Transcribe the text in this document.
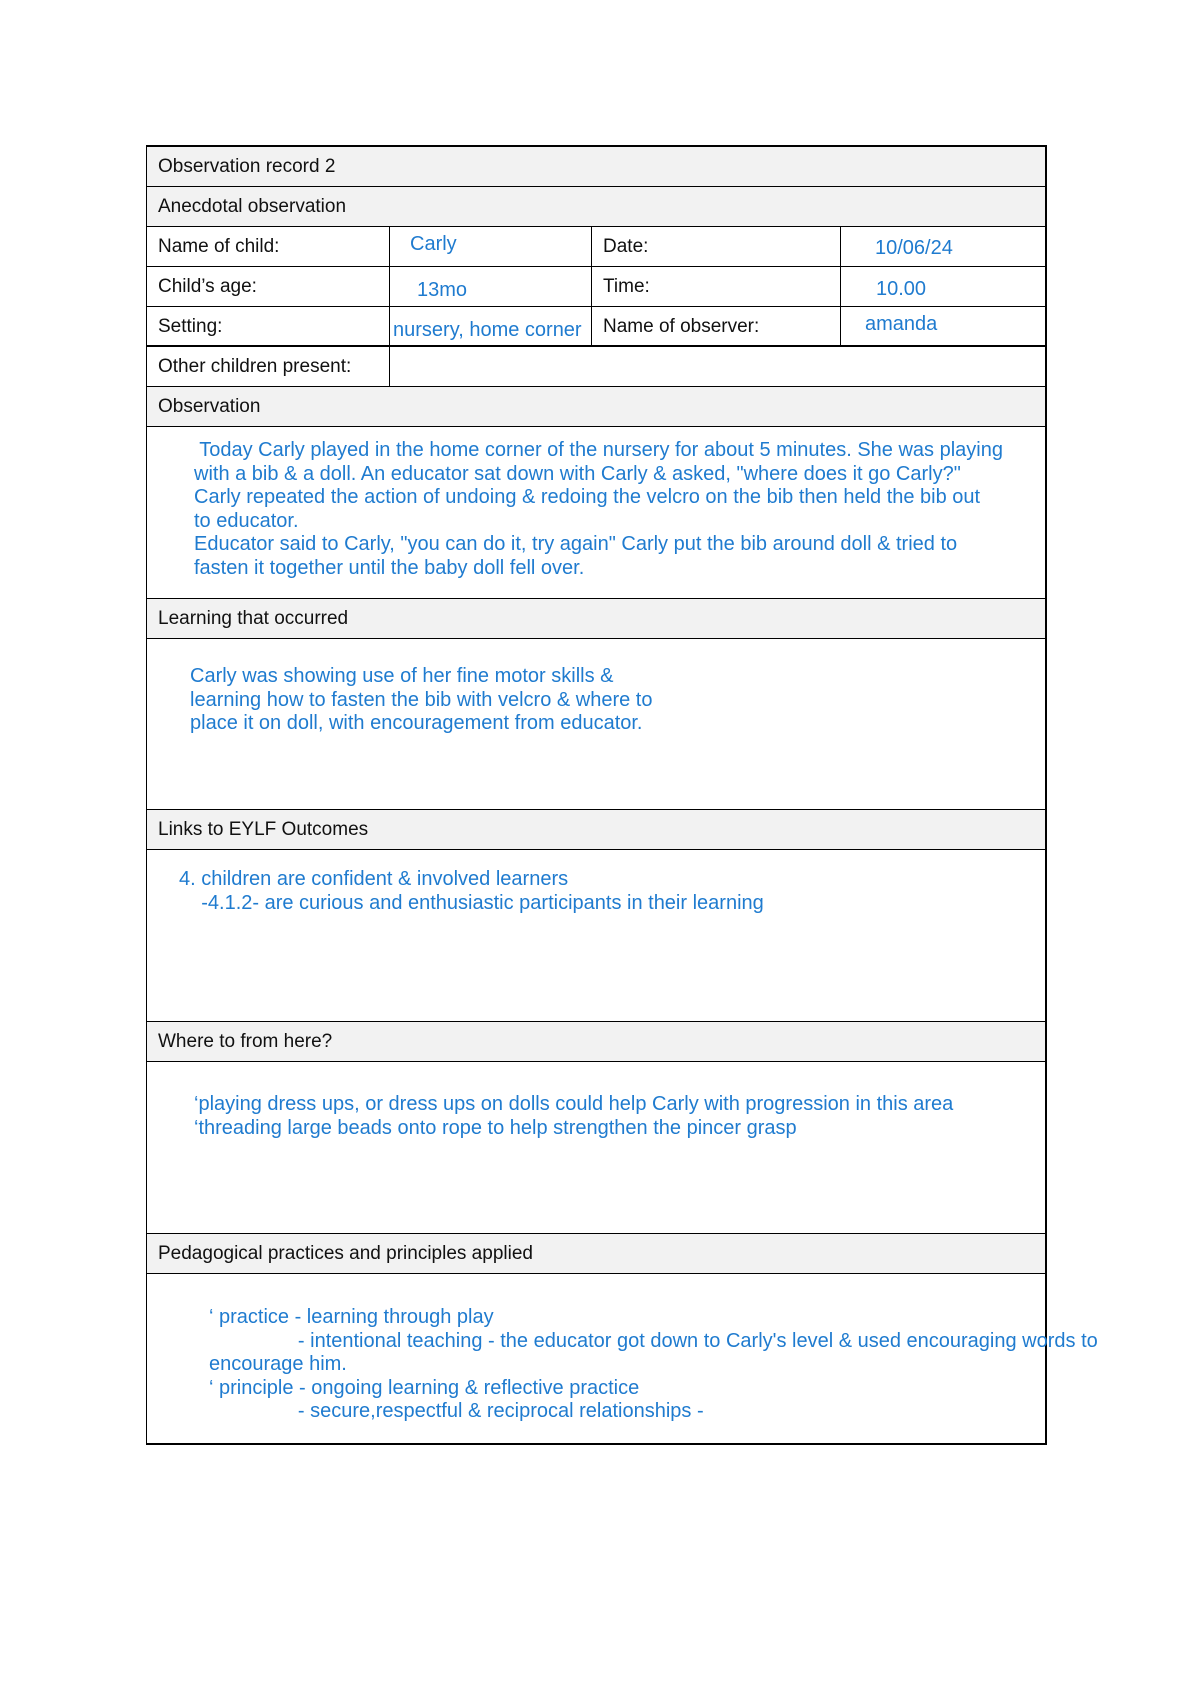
Observation record 2
Anecdotal observation
Name of child:	Carly	Date:	10/06/24
Child’s age:	13mo	Time:	10.00
Setting:	nursery, home corner	Name of observer:	amanda
Other children present:
Observation
Today Carly played in the home corner of the nursery for about 5 minutes. She was playing
with a bib & a doll. An educator sat down with Carly & asked, "where does it go Carly?"
Carly repeated the action of undoing & redoing the velcro on the bib then held the bib out
to educator.
Educator said to Carly, "you can do it, try again" Carly put the bib around doll & tried to
fasten it together until the baby doll fell over.
Learning that occurred
Carly was showing use of her fine motor skills &
learning how to fasten the bib with velcro & where to
place it on doll, with encouragement from educator.
Links to EYLF Outcomes
4. children are confident & involved learners
-4.1.2- are curious and enthusiastic participants in their learning
Where to from here?
‘playing dress ups, or dress ups on dolls could help Carly with progression in this area
‘threading large beads onto rope to help strengthen the pincer grasp
Pedagogical practices and principles applied
‘ practice - learning through play
- intentional teaching - the educator got down to Carly's level & used encouraging words to
encourage him.
‘ principle - ongoing learning & reflective practice
- secure,respectful & reciprocal relationships -
